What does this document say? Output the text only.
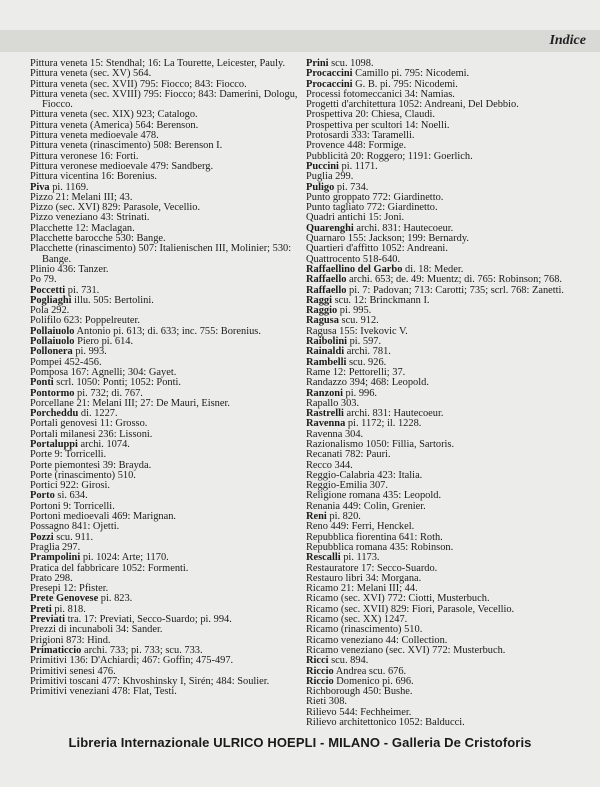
Indice
Pittura veneta 15: Stendhal; 16: La Tourette, Leicester, Pauly.
Pittura veneta (sec. XV) 564.
Pittura veneta (sec. XVII) 795: Fiocco; 843: Fiocco.
Pittura veneta (sec. XVIII) 795: Fiocco; 843: Damerini, Dologu, Fiocco.
Pittura veneta (sec. XIX) 923; Catalogo.
Pittura veneta (America) 564: Berenson.
Pittura veneta medioevale 478.
Pittura veneta (rinascimento) 508: Berenson I.
Pittura veronese 16: Forti.
Pittura veronese medioevale 479: Sandberg.
Pittura vicentina 16: Borenius.
Piva pi. 1169.
Pizzo 21: Melani III; 43.
Pizzo (sec. XVI) 829: Parasole, Vecellio.
Pizzo veneziano 43: Strinati.
Placchette 12: Maclagan.
Placchette barocche 530: Bange.
Placchette (rinascimento) 507: Italienischen III, Molinier; 530: Bange.
Plinio 436: Tanzer.
Po 79.
Poccetti pi. 731.
Pogliaghi illu. 505: Bertolini.
Pola 292.
Polifilo 623: Poppelreuter.
Pollaiuolo Antonio pi. 613; di. 633; inc. 755: Borenius.
Pollaiuolo Piero pi. 614.
Pollonera pi. 993.
Pompei 452-456.
Pomposa 167: Agnelli; 304: Gayet.
Ponti scrl. 1050: Ponti; 1052: Ponti.
Pontormo pi. 732; di. 767.
Porcellane 21: Melani III; 27: De Mauri, Eisner.
Porcheddu di. 1227.
Portali genovesi 11: Grosso.
Portali milanesi 236: Lissoni.
Portaluppi archi. 1074.
Porte 9: Torricelli.
Porte piemontesi 39: Brayda.
Porte (rinascimento) 510.
Portici 922: Girosi.
Porto si. 634.
Portoni 9: Torricelli.
Portoni medioevali 469: Marignan.
Possagno 841: Ojetti.
Pozzi scu. 911.
Praglia 297.
Prampolini pi. 1024: Arte; 1170.
Pratica del fabbricare 1052: Formenti.
Prato 298.
Presepi 12: Pfister.
Prete Genovese pi. 823.
Preti pi. 818.
Previati tra. 17: Previati, Secco-Suardo; pi. 994.
Prezzi di incunaboli 34: Sander.
Prigioni 873: Hind.
Primaticcio archi. 733; pi. 733; scu. 733.
Primitivi 136: D'Achiardi; 467: Goffin; 475-497.
Primitivi senesi 476.
Primitivi toscani 477: Khvoshinsky I, Sirén; 484: Soulier.
Primitivi veneziani 478: Flat, Testi.
Prini scu. 1098.
Procaccini Camillo pi. 795: Nicodemi.
Procaccini G. B. pi. 795: Nicodemi.
Processi fotomeccanici 34: Namias.
Progetti d'architettura 1052: Andreani, Del Debbio.
Prospettiva 20: Chiesa, Claudi.
Prospettiva per scultori 14: Noelli.
Protosardi 333: Taramelli.
Provence 448: Formige.
Pubblicità 20: Roggero; 1191: Goerlich.
Puccini pi. 1171.
Puglia 299.
Puligo pi. 734.
Punto groppato 772: Giardinetto.
Punto tagliato 772: Giardinetto.
Quadri antichi 15: Joni.
Quarenghi archi. 831: Hautecoeur.
Quarnaro 155: Jackson; 199: Bernardy.
Quartieri d'affitto 1052: Andreani.
Quattrocento 518-640.
Raffaellino del Garbo di. 18: Meder.
Raffaello archi. 653; de. 49: Muentz; di. 765: Robinson; 768.
Raffaello pi. 7: Padovan; 713: Carotti; 735; scrl. 768: Zanetti.
Raggi scu. 12: Brinckmann I.
Raggio pi. 995.
Ragusa scu. 912.
Ragusa 155: Ivekovic V.
Raibolini pi. 597.
Rainaldi archi. 781.
Rambelli scu. 926.
Rame 12: Pettorelli; 37.
Randazzo 394; 468: Leopold.
Ranzoni pi. 996.
Rapallo 303.
Rastrelli archi. 831: Hautecoeur.
Ravenna pi. 1172; il. 1228.
Ravenna 304.
Razionalismo 1050: Fillia, Sartoris.
Recanati 782: Pauri.
Recco 344.
Reggio-Calabria 423: Italia.
Reggio-Emilia 307.
Religione romana 435: Leopold.
Renania 449: Colin, Grenier.
Reni pi. 820.
Reno 449: Ferri, Henckel.
Repubblica fiorentina 641: Roth.
Repubblica romana 435: Robinson.
Rescalli pi. 1173.
Restauratore 17: Secco-Suardo.
Restauro libri 34: Morgana.
Ricamo 21: Melani III; 44.
Ricamo (sec. XVI) 772: Ciotti, Musterbuch.
Ricamo (sec. XVII) 829: Fiori, Parasole, Vecellio.
Ricamo (sec. XX) 1247.
Ricamo (rinascimento) 510.
Ricamo veneziano 44: Collection.
Ricamo veneziano (sec. XVI) 772: Musterbuch.
Ricci scu. 894.
Riccio Andrea scu. 676.
Riccio Domenico pi. 696.
Richborough 450: Bushe.
Rieti 308.
Rilievo 544: Fechheimer.
Rilievo architettonico 1052: Balducci.
Libreria Internazionale ULRICO HOEPLI - MILANO - Galleria De Cristoforis
